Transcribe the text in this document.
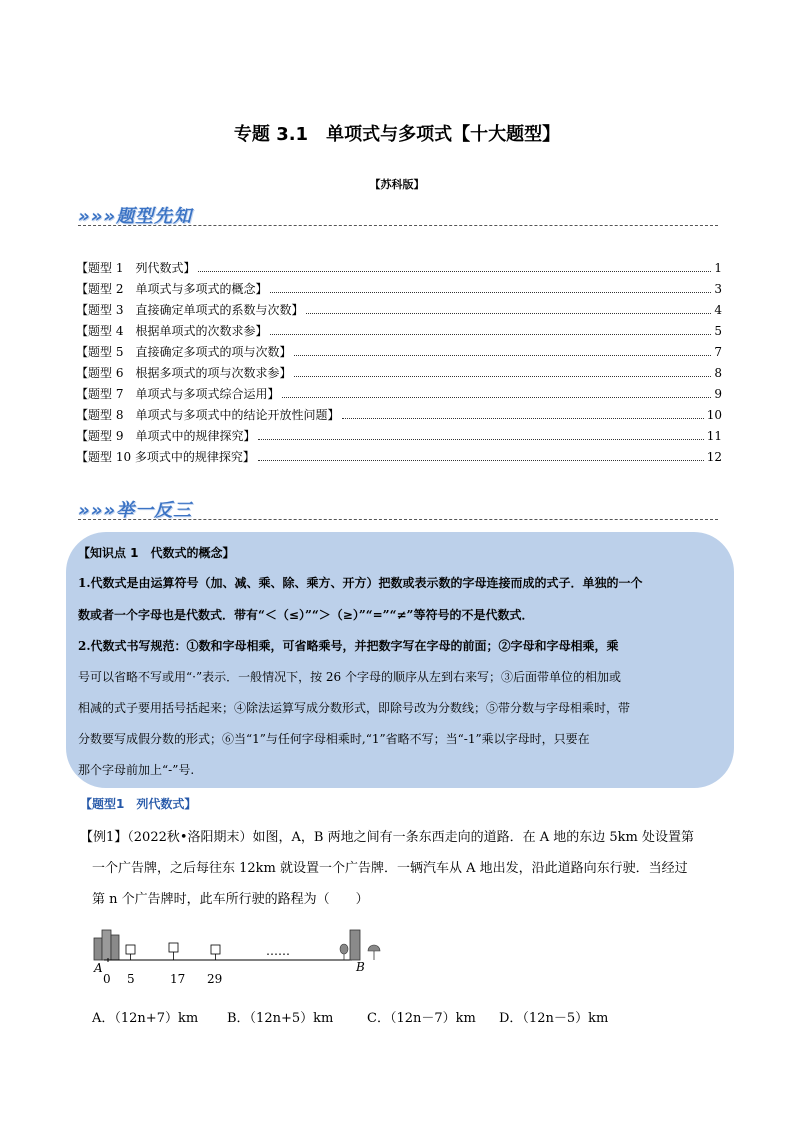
专题 3.1　单项式与多项式【十大题型】
【苏科版】
»»»题型先知
【题型 1　列代数式】	1
【题型 2　单项式与多项式的概念】	3
【题型 3　直接确定单项式的系数与次数】	4
【题型 4　根据单项式的次数求参】	5
【题型 5　直接确定多项式的项与次数】	7
【题型 6　根据多项式的项与次数求参】	8
【题型 7　单项式与多项式综合运用】	9
【题型 8　单项式与多项式中的结论开放性问题】	10
【题型 9　单项式中的规律探究】	11
【题型 10 多项式中的规律探究】	12
»»»举一反三
【知识点 1　代数式的概念】
1.代数式是由运算符号（加、减、乘、除、乘方、开方）把数或表示数的字母连接而成的式子．单独的一个
数或者一个字母也是代数式．带有“＜（≤）”“＞（≥）”“=”“≠”等符号的不是代数式．
2.代数式书写规范：①数和字母相乘，可省略乘号，并把数字写在字母的前面；②字母和字母相乘，乘
号可以省略不写或用“·”表示．一般情况下，按 26 个字母的顺序从左到右来写；③后面带单位的相加或
相减的式子要用括号括起来；④除法运算写成分数形式，即除号改为分数线；⑤带分数与字母相乘时，带
分数要写成假分数的形式；⑥当“1”与任何字母相乘时,“1”省略不写；当“-1”乘以字母时，只要在
那个字母前加上“-”号.
【题型1　列代数式】
【例1】（2022秋•洛阳期末）如图，A，B 两地之间有一条东西走向的道路．在 A 地的东边 5km 处设置第
一个广告牌，之后每往东 12km 就设置一个广告牌．一辆汽车从 A 地出发，沿此道路向东行驶．当经过
第 n 个广告牌时，此车所行驶的路程为（　　）
A	B
0 5	17 29
……
A．（12n+7）km B．（12n+5）km	C．（12n－7）km D．（12n－5）km
